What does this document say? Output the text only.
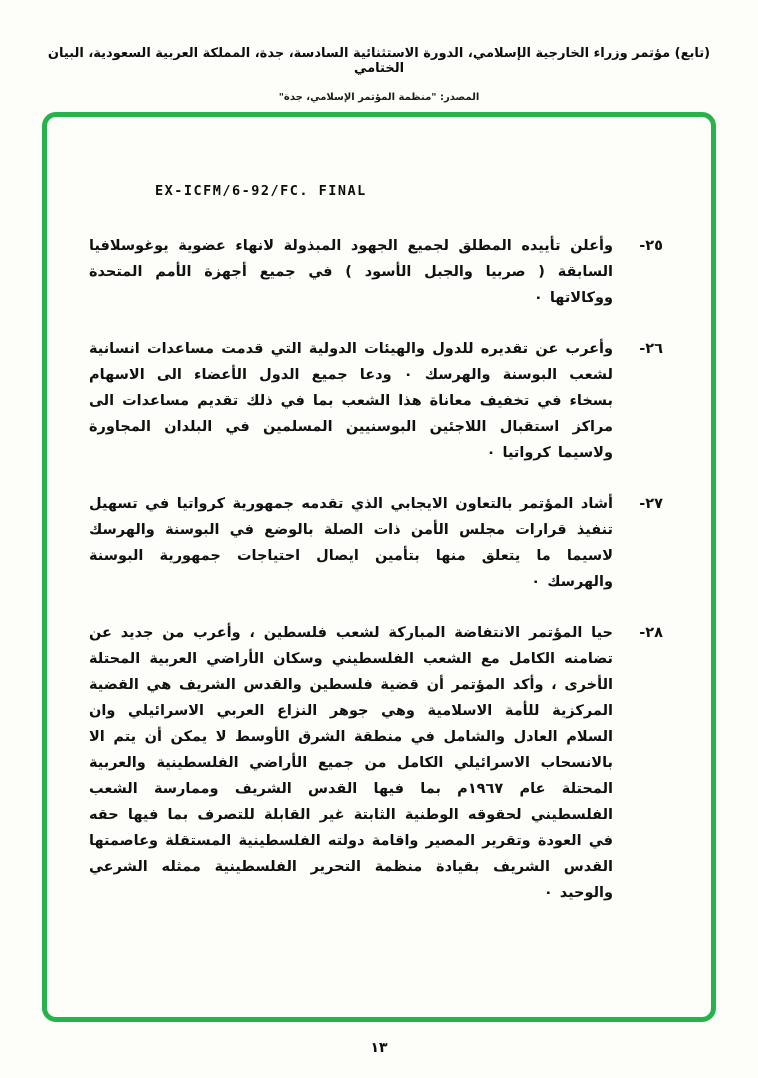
(تابع) مؤتمر وزراء الخارجية الإسلامي، الدورة الاستثنائية السادسة، جدة، المملكة العربية السعودية، البيان الختامي
المصدر: "منظمة المؤتمر الإسلامي، جدة"
EX-ICFM/6-92/FC. FINAL
٢٥-
وأعلن تأييده المطلق لجميع الجهود المبذولة لانهاء عضوية يوغوسلافيا السابقة ( صربيا والجبل الأسود ) في جميع أجهزة الأمم المتحدة ووكالاتها ٠
٢٦-
وأعرب عن تقديره للدول والهيئات الدولية التي قدمت مساعدات انسانية لشعب البوسنة والهرسك ٠ ودعا جميع الدول الأعضاء الى الاسهام بسخاء في تخفيف معاناة هذا الشعب بما في ذلك تقديم مساعدات الى مراكز استقبال اللاجئين البوسنيين المسلمين في البلدان المجاورة ولاسيما كرواتيا ٠
٢٧-
أشاد المؤتمر بالتعاون الايجابي الذي تقدمه جمهورية كرواتيا في تسهيل تنفيذ قرارات مجلس الأمن ذات الصلة بالوضع في البوسنة والهرسك لاسيما ما يتعلق منها بتأمين ايصال احتياجات جمهورية البوسنة والهرسك ٠
٢٨-
حيا المؤتمر الانتفاضة المباركة لشعب فلسطين ، وأعرب من جديد عن تضامنه الكامل مع الشعب الفلسطيني وسكان الأراضي العربية المحتلة الأخرى ، وأكد المؤتمر أن قضية فلسطين والقدس الشريف هي القضية المركزية للأمة الاسلامية وهي جوهر النزاع العربي الاسرائيلي وان السلام العادل والشامل في منطقة الشرق الأوسط لا يمكن أن يتم الا بالانسحاب الاسرائيلي الكامل من جميع الأراضي الفلسطينية والعربية المحتلة عام ١٩٦٧م بما فيها القدس الشريف وممارسة الشعب الفلسطيني لحقوقه الوطنية الثابتة غير القابلة للتصرف بما فيها حقه في العودة وتقرير المصير واقامة دولته الفلسطينية المستقلة وعاصمتها القدس الشريف بقيادة منظمة التحرير الفلسطينية ممثله الشرعي والوحيد ٠
١٣
